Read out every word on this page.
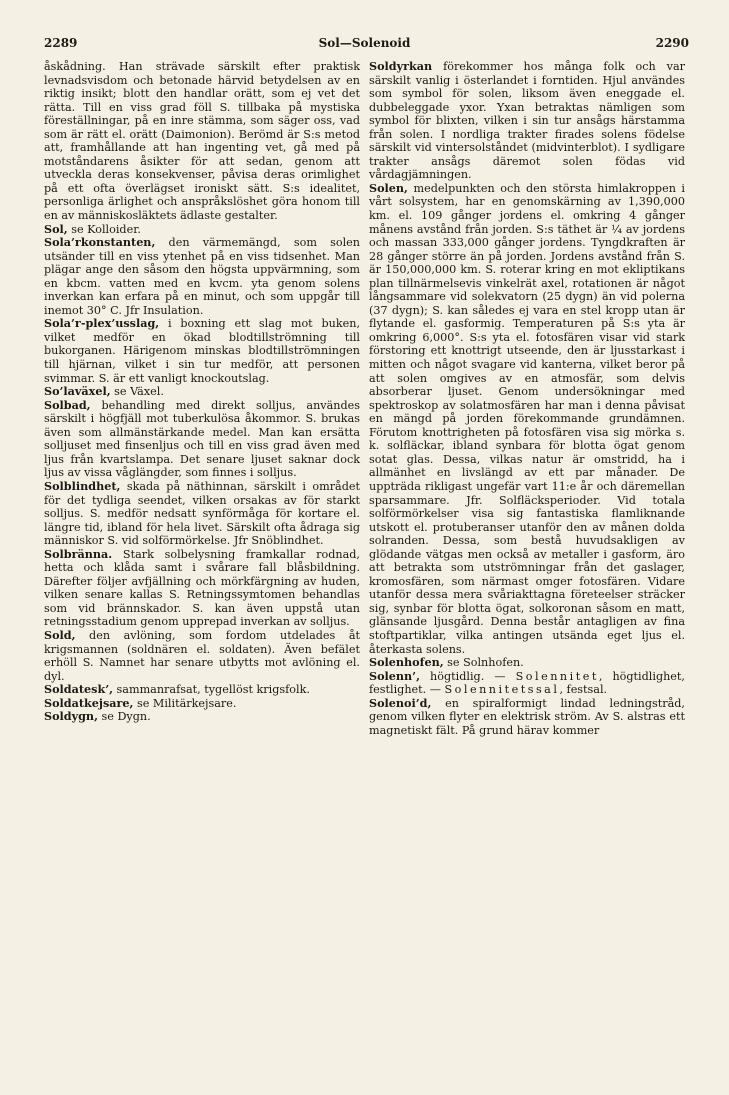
2289	Sol—Solenoid	2290

åskådning. Han strävade särskilt efter praktisk levnadsvisdom och betonade härvid betydelsen av en riktig insikt; blott den handlar orätt, som ej vet det rätta. Till en viss grad föll S. tillbaka på mystiska föreställningar, på en inre stämma, som säger oss, vad som är rätt el. orätt (Daimonion). Berömd är S:s metod att, framhållande att han ingenting vet, gå med på motståndarens åsikter för att sedan, genom att utveckla deras konsekvenser, påvisa deras orimlighet på ett ofta överlägset ironiskt sätt. S:s idealitet, personliga ärlighet och anspråkslöshet göra honom till en av människosläktets ädlaste gestalter.

Sol, se Kolloider.

Sola’rkonstanten, den värmemängd, som solen utsänder till en viss ytenhet på en viss tidsenhet. Man plägar ange den såsom den högsta uppvärmning, som en kbcm. vatten med en kvcm. yta genom solens inverkan kan erfara på en minut, och som uppgår till inemot 30° C. Jfr Insulation.

Sola’r-plex’usslag, i boxning ett slag mot buken, vilket medför en ökad blodtillströmning till bukorganen. Härigenom minskas blodtillströmningen till hjärnan, vilket i sin tur medför, att personen svimmar. S. är ett vanligt knockoutslag.

So’laväxel, se Växel.

Solbad, behandling med direkt solljus, användes särskilt i högfjäll mot tuberkulösa åkommor. S. brukas även som allmänstärkande medel. Man kan ersätta solljuset med finsenljus och till en viss grad även med ljus från kvartslampa. Det senare ljuset saknar dock ljus av vissa våglängder, som finnes i solljus.

Solblindhet, skada på näthinnan, särskilt i området för det tydliga seendet, vilken orsakas av för starkt solljus. S. medför nedsatt synförmåga för kortare el. längre tid, ibland för hela livet. Särskilt ofta ådraga sig människor S. vid solförmörkelse. Jfr Snöblindhet.

Solbränna. Stark solbelysning framkallar rodnad, hetta och klåda samt i svårare fall blåsbildning. Därefter följer avfjällning och mörkfärgning av huden, vilken senare kallas S. Retningssymtomen behandlas som vid brännskador. S. kan även uppstå utan retningsstadium genom upprepad inverkan av solljus.

Sold, den avlöning, som fordom utdelades åt krigsmannen (soldnären el. soldaten). Även befälet erhöll S. Namnet har senare utbytts mot avlöning el. dyl.

Soldatesk’, sammanrafsat, tygellöst krigsfolk.

Soldatkejsare, se Militärkejsare.

Soldygn, se Dygn.

Soldyrkan förekommer hos många folk och var särskilt vanlig i österlandet i forntiden. Hjul användes som symbol för solen, liksom även eneggade el. dubbeleggade yxor. Yxan betraktas nämligen som symbol för blixten, vilken i sin tur ansågs härstamma från solen. I nordliga trakter firades solens födelse särskilt vid vintersolståndet (midvinterblot). I sydligare trakter ansågs däremot solen födas vid vårdagjämningen.

Solen, medelpunkten och den största himlakroppen i vårt solsystem, har en genomskärning av 1,390,000 km. el. 109 gånger jordens el. omkring 4 gånger månens avstånd från jorden. S:s täthet är ¼ av jordens och massan 333,000 gånger jordens. Tyngdkraften är 28 gånger större än på jorden. Jordens avstånd från S. är 150,000,000 km. S. roterar kring en mot ekliptikans plan tillnärmelsevis vinkelrät axel, rotationen är något långsammare vid solekvatorn (25 dygn) än vid polerna (37 dygn); S. kan således ej vara en stel kropp utan är flytande el. gasformig. Temperaturen på S:s yta är omkring 6,000°. S:s yta el. fotosfären visar vid stark förstoring ett knottrigt utseende, den är ljusstarkast i mitten och något svagare vid kanterna, vilket beror på att solen omgives av en atmosfär, som delvis absorberar ljuset. Genom undersökningar med spektroskop av solatmosfären har man i denna påvisat en mängd på jorden förekommande grundämnen. Förutom knottrigheten på fotosfären visa sig mörka s. k. solfläckar, ibland synbara för blotta ögat genom sotat glas. Dessa, vilkas natur är omstridd, ha i allmänhet en livslängd av ett par månader. De uppträda rikligast ungefär vart 11:e år och däremellan sparsammare. Jfr. Solfläcksperioder. Vid totala solförmörkelser visa sig fantastiska flamliknande utskott el. protuberanser utanför den av månen dolda solranden. Dessa, som bestå huvudsakligen av glödande vätgas men också av metaller i gasform, äro att betrakta som utströmningar från det gaslager, kromosfären, som närmast omger fotosfären. Vidare utanför dessa mera svåriakttagna företeelser sträcker sig, synbar för blotta ögat, solkoronan såsom en matt, glänsande ljusgård. Denna består antagligen av fina stoftpartiklar, vilka antingen utsända eget ljus el. återkasta solens.

Solenhofen, se Solnhofen.

Solenn’, högtidlig. — Solennitet, högtidlighet, festlighet. — Solennitetssal, festsal.

Solenoi’d, en spiralformigt lindad ledningstråd, genom vilken flyter en elektrisk ström. Av S. alstras ett magnetiskt fält. På grund härav kommer
